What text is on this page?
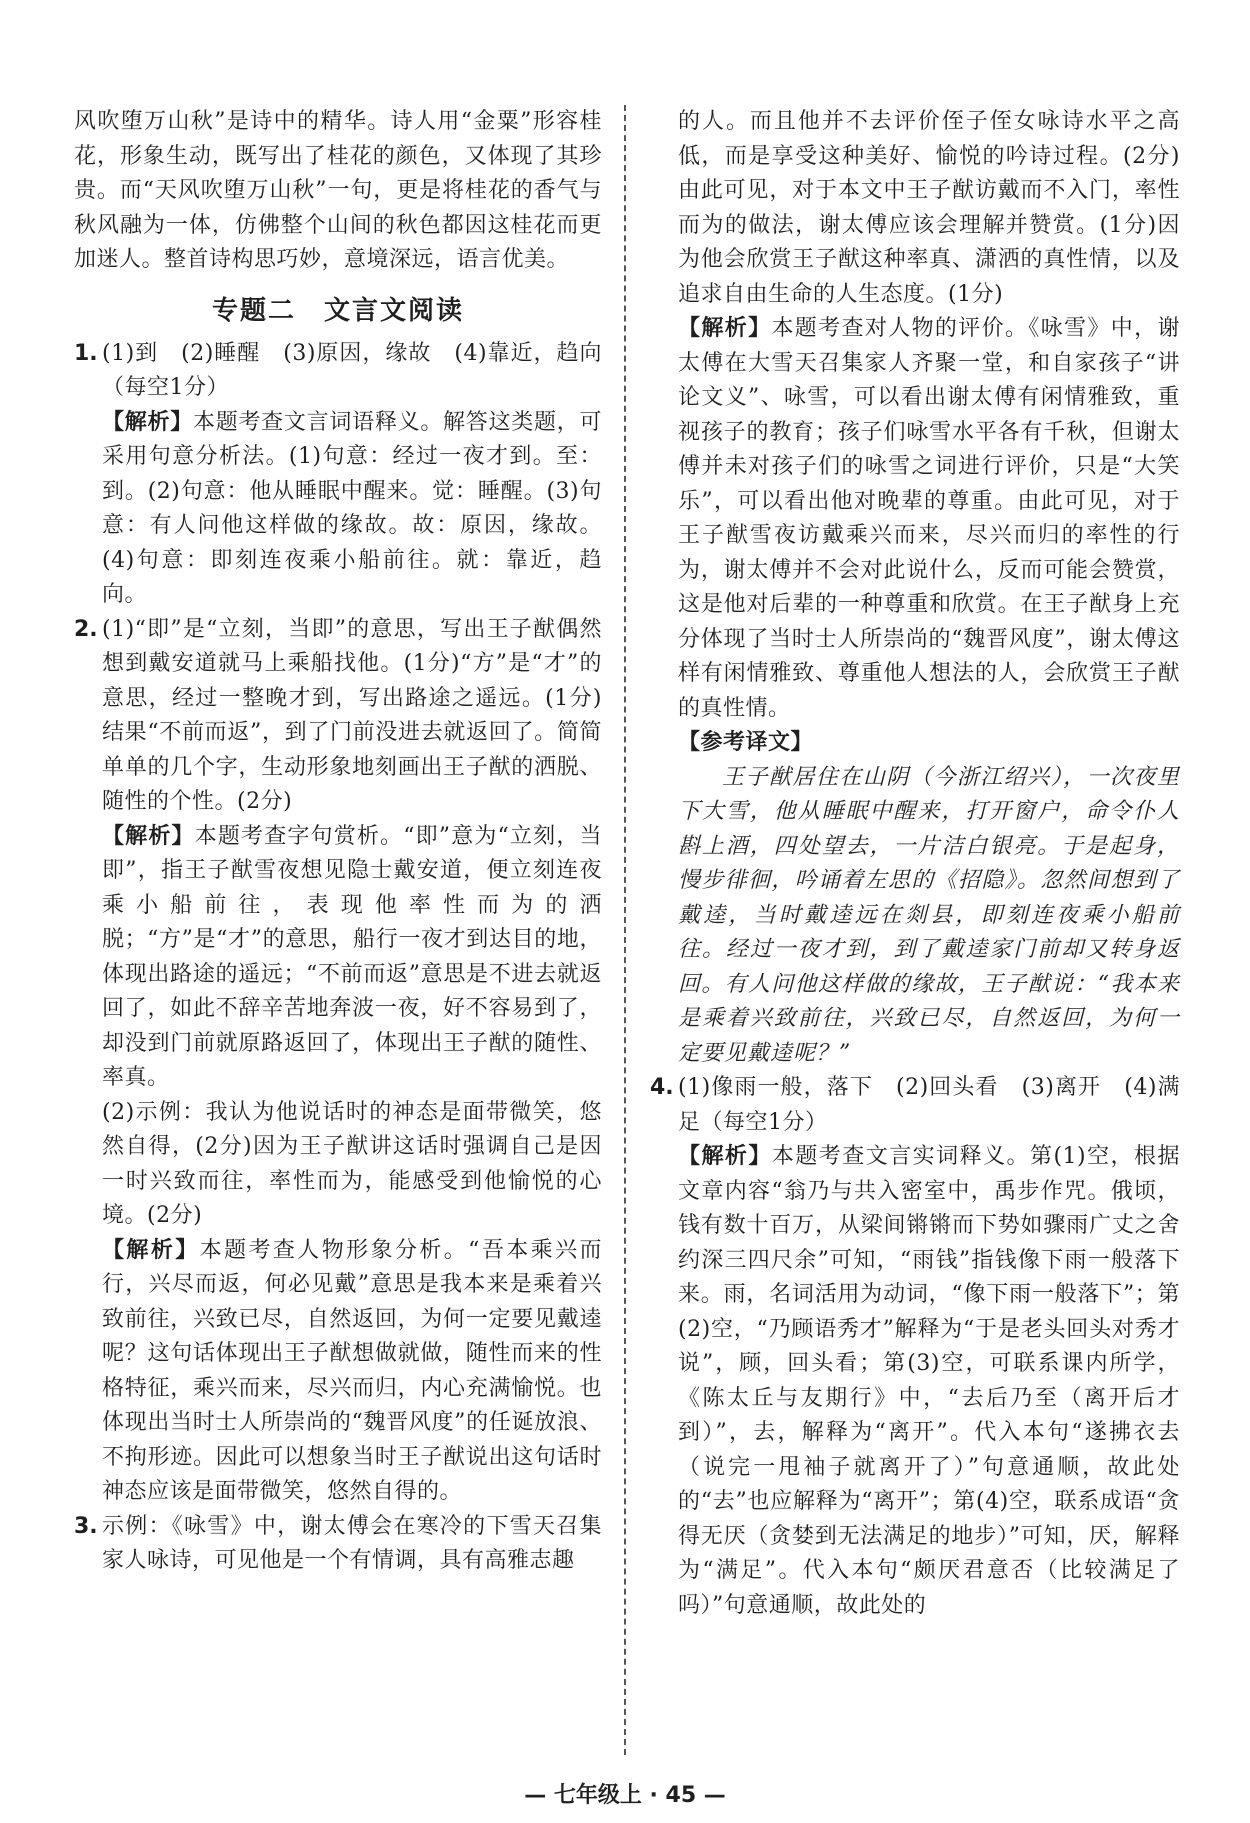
风吹堕万山秋”是诗中的精华。诗人用“金粟”形容桂花，形象生动，既写出了桂花的颜色，又体现了其珍贵。而“天风吹堕万山秋”一句，更是将桂花的香气与秋风融为一体，仿佛整个山间的秋色都因这桂花而更加迷人。整首诗构思巧妙，意境深远，语言优美。

专题二　文言文阅读
1. (1)到　(2)睡醒　(3)原因，缘故　(4)靠近，趋向（每空1分）

【解析】本题考查文言词语释义。解答这类题，可采用句意分析法。(1)句意：经过一夜才到。至：到。(2)句意：他从睡眠中醒来。觉：睡醒。(3)句意：有人问他这样做的缘故。故：原因，缘故。(4)句意：即刻连夜乘小船前往。就：靠近，趋向。

2. (1)“即”是“立刻，当即”的意思，写出王子猷偶然想到戴安道就马上乘船找他。(1分)“方”是“才”的意思，经过一整晚才到，写出路途之遥远。(1分)结果“不前而返”，到了门前没进去就返回了。简简单单的几个字，生动形象地刻画出王子猷的洒脱、随性的个性。(2分)

【解析】本题考查字句赏析。“即”意为“立刻，当即”，指王子猷雪夜想见隐士戴安道，便立刻连夜乘小船前往，表现他率性而为的洒脱；“方”是“才”的意思，船行一夜才到达目的地，体现出路途的遥远；“不前而返”意思是不进去就返回了，如此不辞辛苦地奔波一夜，好不容易到了，却没到门前就原路返回了，体现出王子猷的随性、率真。

(2)示例：我认为他说话时的神态是面带微笑，悠然自得，(2分)因为王子猷讲这话时强调自己是因一时兴致而往，率性而为，能感受到他愉悦的心境。(2分)

【解析】本题考查人物形象分析。“吾本乘兴而行，兴尽而返，何必见戴”意思是我本来是乘着兴致前往，兴致已尽，自然返回，为何一定要见戴逵呢？这句话体现出王子猷想做就做，随性而来的性格特征，乘兴而来，尽兴而归，内心充满愉悦。也体现出当时士人所崇尚的“魏晋风度”的任诞放浪、不拘形迹。因此可以想象当时王子猷说出这句话时神态应该是面带微笑，悠然自得的。

3. 示例：《咏雪》中，谢太傅会在寒冷的下雪天召集家人咏诗，可见他是一个有情调，具有高雅志趣

的人。而且他并不去评价侄子侄女咏诗水平之高低，而是享受这种美好、愉悦的吟诗过程。(2分)由此可见，对于本文中王子猷访戴而不入门，率性而为的做法，谢太傅应该会理解并赞赏。(1分)因为他会欣赏王子猷这种率真、潇洒的真性情，以及追求自由生命的人生态度。(1分)

【解析】本题考查对人物的评价。《咏雪》中，谢太傅在大雪天召集家人齐聚一堂，和自家孩子“讲论文义”、咏雪，可以看出谢太傅有闲情雅致，重视孩子的教育；孩子们咏雪水平各有千秋，但谢太傅并未对孩子们的咏雪之词进行评价，只是“大笑乐”，可以看出他对晚辈的尊重。由此可见，对于王子猷雪夜访戴乘兴而来，尽兴而归的率性的行为，谢太傅并不会对此说什么，反而可能会赞赏，这是他对后辈的一种尊重和欣赏。在王子猷身上充分体现了当时士人所崇尚的“魏晋风度”，谢太傅这样有闲情雅致、尊重他人想法的人，会欣赏王子猷的真性情。

【参考译文】

王子猷居住在山阴（今浙江绍兴），一次夜里下大雪，他从睡眠中醒来，打开窗户，命令仆人斟上酒，四处望去，一片洁白银亮。于是起身，慢步徘徊，吟诵着左思的《招隐》。忽然间想到了戴逵，当时戴逵远在剡县，即刻连夜乘小船前往。经过一夜才到，到了戴逵家门前却又转身返回。有人问他这样做的缘故，王子猷说：“我本来是乘着兴致前往，兴致已尽，自然返回，为何一定要见戴逵呢？”

4. (1)像雨一般，落下　(2)回头看　(3)离开　(4)满足（每空1分）

【解析】本题考查文言实词释义。第(1)空，根据文章内容“翁乃与共入密室中，禹步作咒。俄顷，钱有数十百万，从梁间锵锵而下势如骤雨广丈之舍约深三四尺余”可知，“雨钱”指钱像下雨一般落下来。雨，名词活用为动词，“像下雨一般落下”；第(2)空，“乃顾语秀才”解释为“于是老头回头对秀才说”，顾，回头看；第(3)空，可联系课内所学，《陈太丘与友期行》中，“去后乃至（离开后才到）”，去，解释为“离开”。代入本句“遂拂衣去（说完一甩袖子就离开了）”句意通顺，故此处的“去”也应解释为“离开”；第(4)空，联系成语“贪得无厌（贪婪到无法满足的地步）”可知，厌，解释为“满足”。代入本句“颇厌君意否（比较满足了吗）”句意通顺，故此处的

— 七年级上 · 45 —
